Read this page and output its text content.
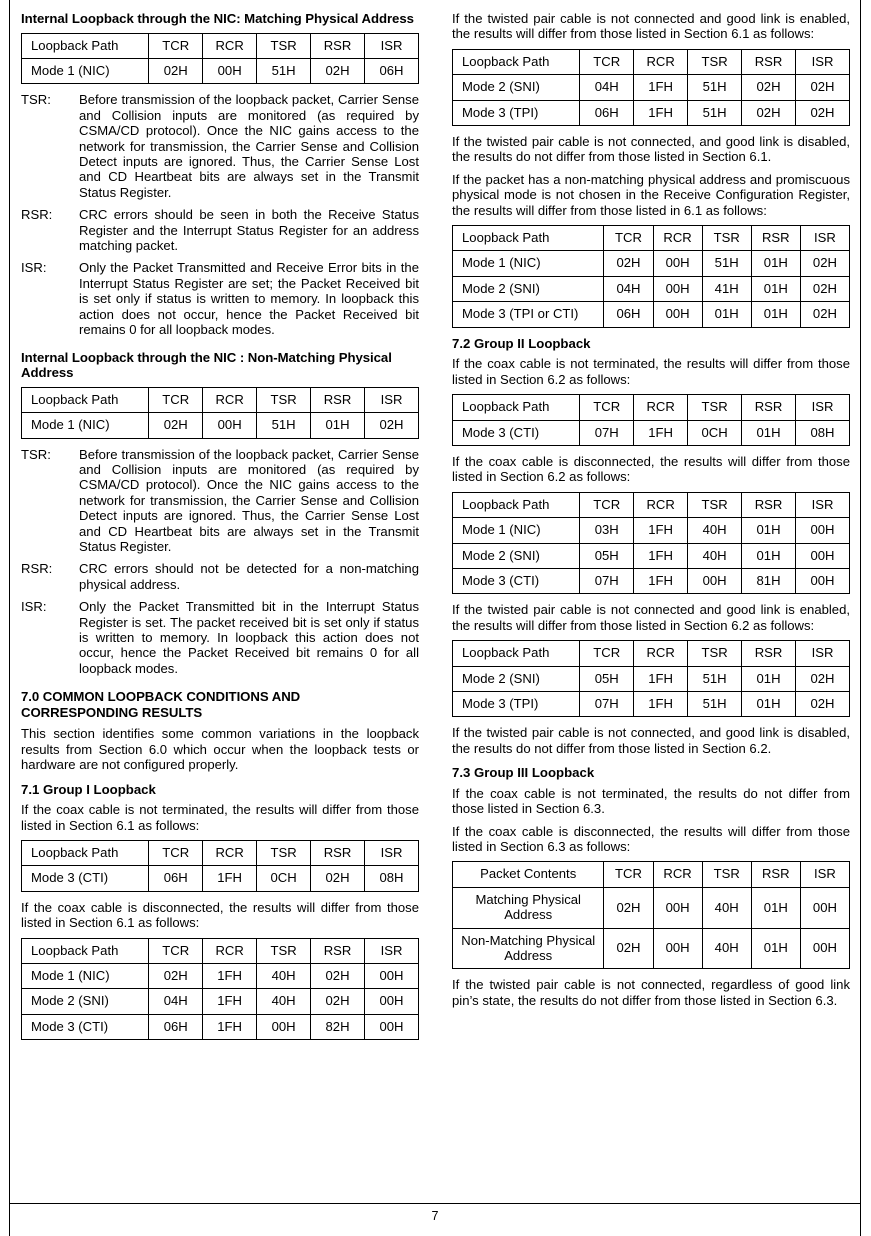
Internal Loopback through the NIC: Matching Physical Address
Loopback Path	TCR	RCR	TSR	RSR	ISR
Mode 1 (NIC)	02H	00H	51H	02H	06H
TSR:	Before transmission of the loopback packet, Carrier Sense and Collision inputs are monitored (as required by CSMA/CD protocol). Once the NIC gains access to the network for transmission, the Carrier Sense and Collision Detect inputs are ignored. Thus, the Carrier Sense Lost and CD Heartbeat bits are always set in the Transmit Status Register.
RSR:	CRC errors should be seen in both the Receive Status Register and the Interrupt Status Register for an address matching packet.
ISR:	Only the Packet Transmitted and Receive Error bits in the Interrupt Status Register are set; the Packet Received bit is set only if status is written to memory. In loopback this action does not occur, hence the Packet Received bit remains 0 for all loopback modes.
Internal Loopback through the NIC : Non-Matching Physical Address
Loopback Path	TCR	RCR	TSR	RSR	ISR
Mode 1 (NIC)	02H	00H	51H	01H	02H
TSR:	Before transmission of the loopback packet, Carrier Sense and Collision inputs are monitored (as required by CSMA/CD protocol). Once the NIC gains access to the network for transmission, the Carrier Sense and Collision Detect inputs are ignored. Thus, the Carrier Sense Lost and CD Heartbeat bits are always set in the Transmit Status Register.
RSR:	CRC errors should not be detected for a non-matching physical address.
ISR:	Only the Packet Transmitted bit in the Interrupt Status Register is set. The packet received bit is set only if status is written to memory. In loopback this action does not occur, hence the Packet Received bit remains 0 for all loopback modes.
7.0 COMMON LOOPBACK CONDITIONS AND CORRESPONDING RESULTS

This section identifies some common variations in the loopback results from Section 6.0 which occur when the loopback tests or hardware are not configured properly.

7.1 Group I Loopback

If the coax cable is not terminated, the results will differ from those listed in Section 6.1 as follows:

Loopback Path	TCR	RCR	TSR	RSR	ISR
Mode 3 (CTI)	06H	1FH	0CH	02H	08H

If the coax cable is disconnected, the results will differ from those listed in Section 6.1 as follows:

Loopback Path	TCR	RCR	TSR	RSR	ISR
Mode 1 (NIC)	02H	1FH	40H	02H	00H
Mode 2 (SNI)	04H	1FH	40H	02H	00H
Mode 3 (CTI)	06H	1FH	00H	82H	00H

If the twisted pair cable is not connected and good link is enabled, the results will differ from those listed in Section 6.1 as follows:

Loopback Path	TCR	RCR	TSR	RSR	ISR
Mode 2 (SNI)	04H	1FH	51H	02H	02H
Mode 3 (TPI)	06H	1FH	51H	02H	02H

If the twisted pair cable is not connected, and good link is disabled, the results do not differ from those listed in Section 6.1.

If the packet has a non-matching physical address and promiscuous physical mode is not chosen in the Receive Configuration Register, the results will differ from those listed in 6.1 as follows:

Loopback Path	TCR	RCR	TSR	RSR	ISR
Mode 1 (NIC)	02H	00H	51H	01H	02H
Mode 2 (SNI)	04H	00H	41H	01H	02H
Mode 3 (TPI or CTI)	06H	00H	01H	01H	02H
7.2 Group II Loopback

If the coax cable is not terminated, the results will differ from those listed in Section 6.2 as follows:

Loopback Path	TCR	RCR	TSR	RSR	ISR
Mode 3 (CTI)	07H	1FH	0CH	01H	08H

If the coax cable is disconnected, the results will differ from those listed in Section 6.2 as follows:

Loopback Path	TCR	RCR	TSR	RSR	ISR
Mode 1 (NIC)	03H	1FH	40H	01H	00H
Mode 2 (SNI)	05H	1FH	40H	01H	00H
Mode 3 (CTI)	07H	1FH	00H	81H	00H

If the twisted pair cable is not connected and good link is enabled, the results will differ from those listed in Section 6.2 as follows:

Loopback Path	TCR	RCR	TSR	RSR	ISR
Mode 2 (SNI)	05H	1FH	51H	01H	02H
Mode 3 (TPI)	07H	1FH	51H	01H	02H

If the twisted pair cable is not connected, and good link is disabled, the results do not differ from those listed in Section 6.2.

7.3 Group III Loopback

If the coax cable is not terminated, the results do not differ from those listed in Section 6.3.

If the coax cable is disconnected, the results will differ from those listed in Section 6.3 as follows:

Packet Contents	TCR	RCR	TSR	RSR	ISR
Matching Physical Address	02H	00H	40H	01H	00H
Non-Matching Physical Address	02H	00H	40H	01H	00H

If the twisted pair cable is not connected, regardless of good link pin’s state, the results do not differ from those listed in Section 6.3.

7
